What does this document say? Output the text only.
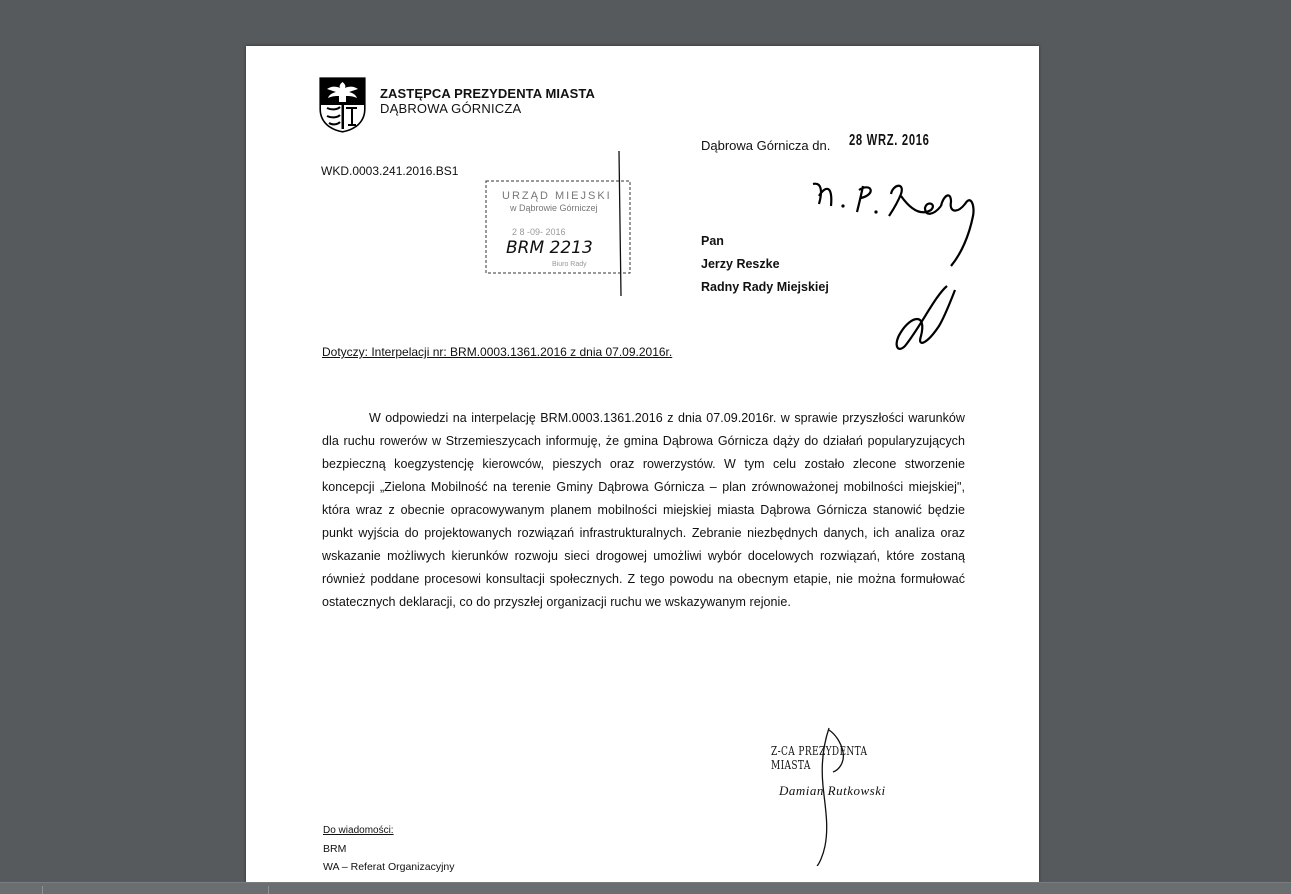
ZASTĘPCA PREZYDENTA MIASTA
DĄBROWA GÓRNICZA
WKD.0003.241.2016.BS1
Dąbrowa Górnicza dn. 28 WRZ. 2016
URZĄD MIEJSKI
w Dąbrowie Górniczej
2 8 -09- 2016
BRM 2213
Biuro Rady
Pan
Jerzy Reszke
Radny Rady Miejskiej
Dotyczy: Interpelacji nr: BRM.0003.1361.2016 z dnia 07.09.2016r.
W odpowiedzi na interpelację BRM.0003.1361.2016 z dnia 07.09.2016r. w sprawie przyszłości warunków dla ruchu rowerów w Strzemieszycach informuję, że gmina Dąbrowa Górnicza dąży do działań popularyzujących bezpieczną koegzystencję kierowców, pieszych oraz rowerzystów. W tym celu zostało zlecone stworzenie koncepcji „Zielona Mobilność na terenie Gminy Dąbrowa Górnicza – plan zrównoważonej mobilności miejskiej", która wraz z obecnie opracowywanym planem mobilności miejskiej miasta Dąbrowa Górnicza stanowić będzie punkt wyjścia do projektowanych rozwiązań infrastrukturalnych. Zebranie niezbędnych danych, ich analiza oraz wskazanie możliwych kierunków rozwoju sieci drogowej umożliwi wybór docelowych rozwiązań, które zostaną również poddane procesowi konsultacji społecznych. Z tego powodu na obecnym etapie, nie można formułować ostatecznych deklaracji, co do przyszłej organizacji ruchu we wskazywanym rejonie.
Z-CA PREZYDENTA MIASTA
Damian Rutkowski
Do wiadomości:
BRM
WA – Referat Organizacyjny
